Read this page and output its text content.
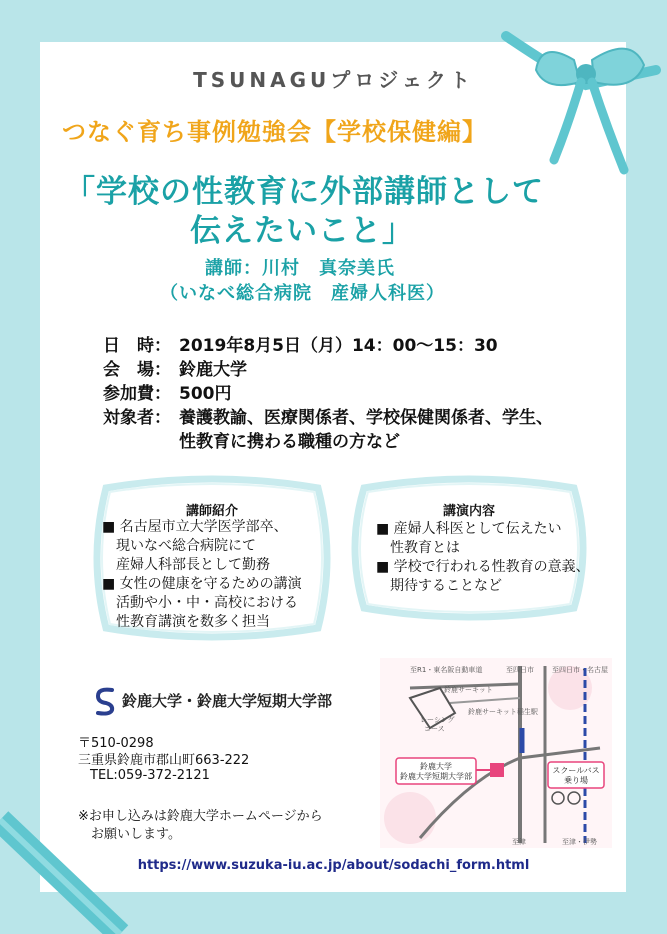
TSUNAGUプロジェクト
つなぐ育ち事例勉強会【学校保健編】
「学校の性教育に外部講師として
伝えたいこと」
講師：川村　真奈美氏
（いなべ総合病院　産婦人科医）
日　時： 2019年8月5日（月）14：00～15：30
会　場： 鈴鹿大学
参加費： 500円
対象者： 養護教諭、医療関係者、学校保健関係者、学生、
性教育に携わる職種の方など
講師紹介
■ 名古屋市立大学医学部卒、
　現いなべ総合病院にて
　産婦人科部長として勤務
■ 女性の健康を守るための講演
　活動や小・中・高校における
　性教育講演を数多く担当
講演内容
■ 産婦人科医として伝えたい
　性教育とは
■ 学校で行われる性教育の意義、
　期待することなど
鈴鹿大学・鈴鹿大学短期大学部
〒510-0298
三重県鈴鹿市郡山町663-222
TEL:059-372-2121
※お申し込みは鈴鹿大学ホームページから
　お願いします。
至R1・東名阪自動車道	至四日市	至四日市・名古屋
鈴鹿サーキット
レーシング
コース
鈴鹿サーキット稲生駅
鈴鹿大学
鈴鹿大学短期大学部
スクールバス
乗り場
至津	至津・伊勢
https://www.suzuka-iu.ac.jp/about/sodachi_form.html
